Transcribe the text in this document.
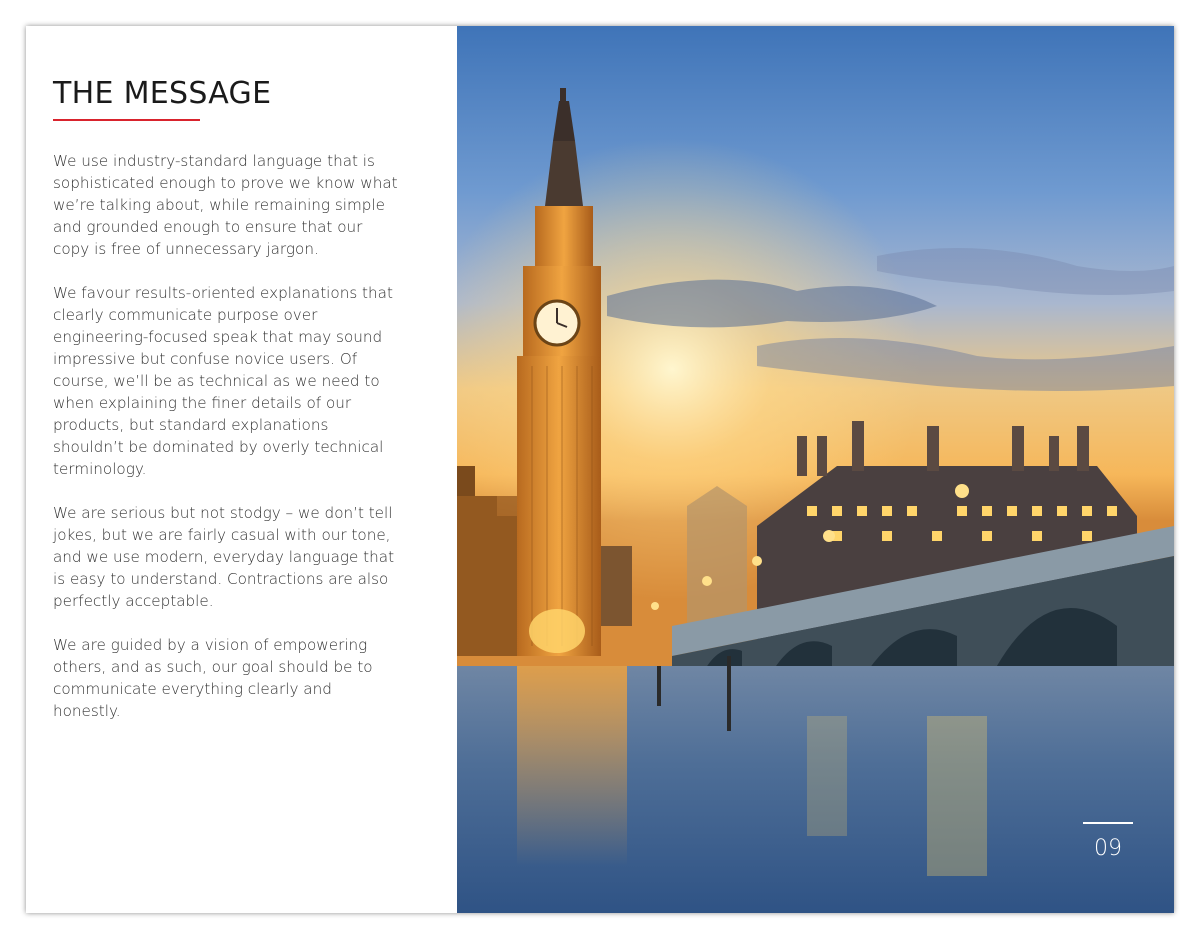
THE MESSAGE

We use industry-standard language that is sophisticated enough to prove we know what we’re talking about, while remaining simple and grounded enough to ensure that our copy is free of unnecessary jargon.

We favour results-oriented explanations that clearly communicate purpose over engineering-focused speak that may sound impressive but confuse novice users. Of course, we’ll be as technical as we need to when explaining the finer details of our products, but standard explanations shouldn’t be dominated by overly technical terminology.

We are serious but not stodgy – we don’t tell jokes, but we are fairly casual with our tone, and we use modern, everyday language that is easy to understand. Contractions are also perfectly acceptable.

We are guided by a vision of empowering others, and as such, our goal should be to communicate everything clearly and honestly.

09
